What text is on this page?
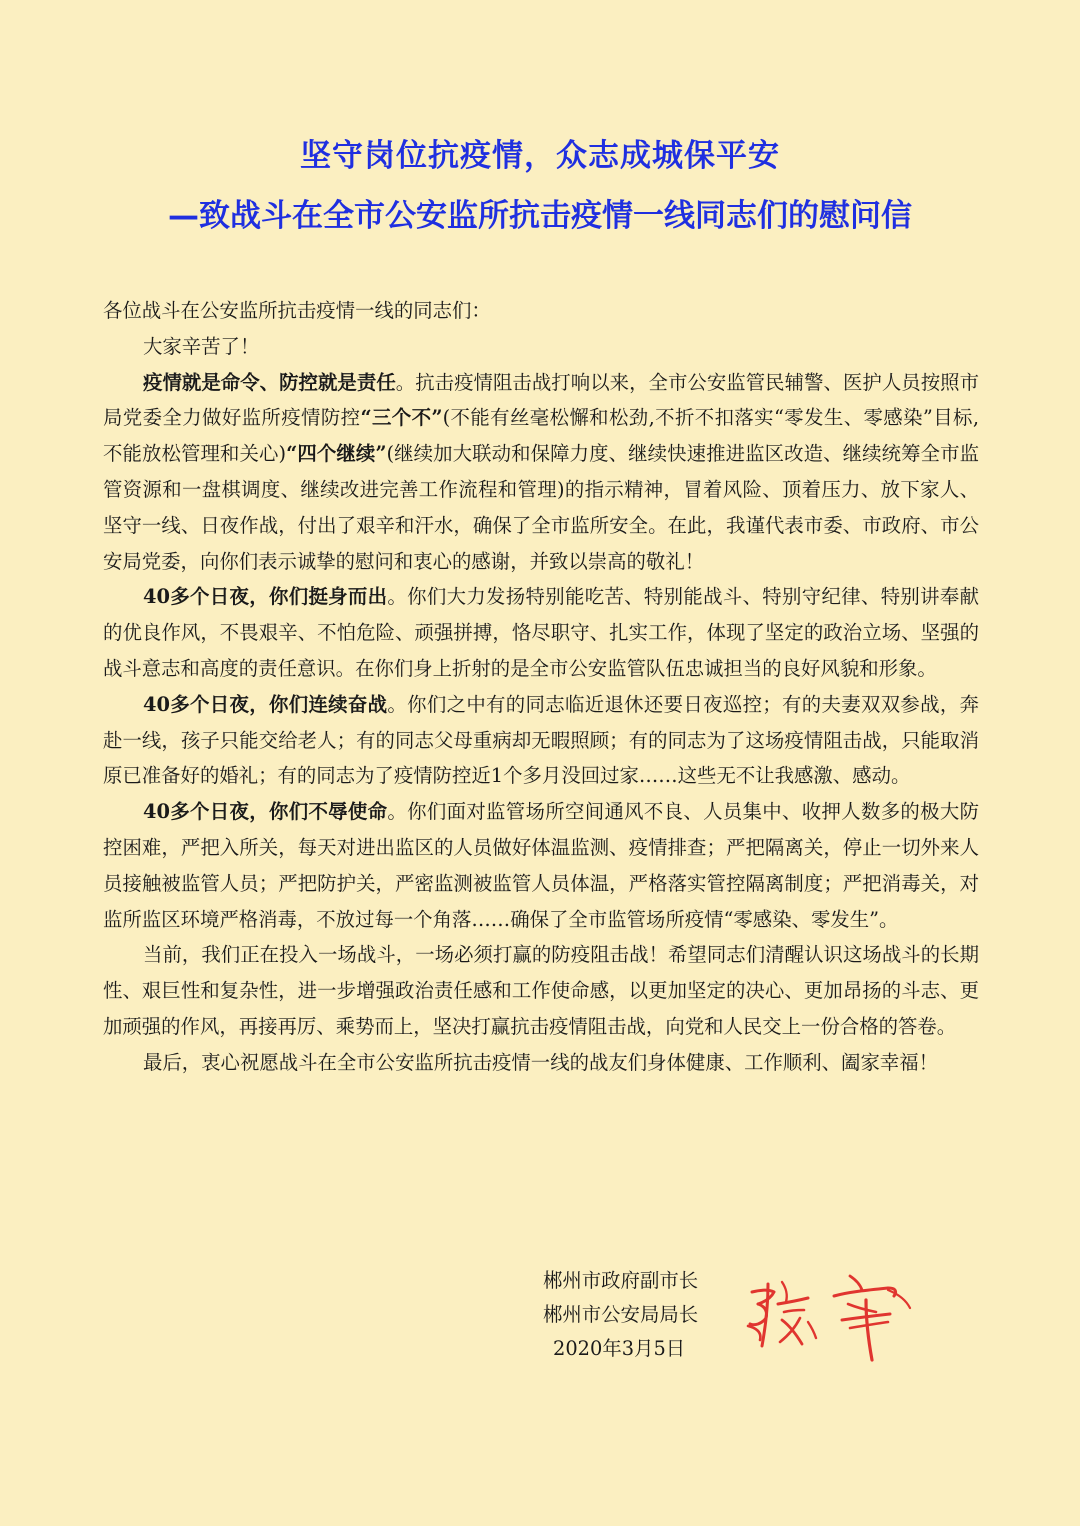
坚守岗位抗疫情，众志成城保平安
—致战斗在全市公安监所抗击疫情一线同志们的慰问信

各位战斗在公安监所抗击疫情一线的同志们：

大家辛苦了！

疫情就是命令、防控就是责任。抗击疫情阻击战打响以来，全市公安监管民辅警、医护人员按照市局党委全力做好监所疫情防控“三个不”(不能有丝毫松懈和松劲,不折不扣落实“零发生、零感染”目标,不能放松管理和关心)“四个继续”(继续加大联动和保障力度、继续快速推进监区改造、继续统筹全市监管资源和一盘棋调度、继续改进完善工作流程和管理)的指示精神，冒着风险、顶着压力、放下家人、坚守一线、日夜作战，付出了艰辛和汗水，确保了全市监所安全。在此，我谨代表市委、市政府、市公安局党委，向你们表示诚挚的慰问和衷心的感谢，并致以崇高的敬礼！

40多个日夜，你们挺身而出。你们大力发扬特别能吃苦、特别能战斗、特别守纪律、特别讲奉献的优良作风，不畏艰辛、不怕危险、顽强拼搏，恪尽职守、扎实工作，体现了坚定的政治立场、坚强的战斗意志和高度的责任意识。在你们身上折射的是全市公安监管队伍忠诚担当的良好风貌和形象。

40多个日夜，你们连续奋战。你们之中有的同志临近退休还要日夜巡控；有的夫妻双双参战，奔赴一线，孩子只能交给老人；有的同志父母重病却无暇照顾；有的同志为了这场疫情阻击战，只能取消原已准备好的婚礼；有的同志为了疫情防控近1个多月没回过家……这些无不让我感激、感动。

40多个日夜，你们不辱使命。你们面对监管场所空间通风不良、人员集中、收押人数多的极大防控困难，严把入所关，每天对进出监区的人员做好体温监测、疫情排查；严把隔离关，停止一切外来人员接触被监管人员；严把防护关，严密监测被监管人员体温，严格落实管控隔离制度；严把消毒关，对监所监区环境严格消毒，不放过每一个角落……确保了全市监管场所疫情“零感染、零发生”。

当前，我们正在投入一场战斗，一场必须打赢的防疫阻击战！希望同志们清醒认识这场战斗的长期性、艰巨性和复杂性，进一步增强政治责任感和工作使命感，以更加坚定的决心、更加昂扬的斗志、更加顽强的作风，再接再厉、乘势而上，坚决打赢抗击疫情阻击战，向党和人民交上一份合格的答卷。

最后，衷心祝愿战斗在全市公安监所抗击疫情一线的战友们身体健康、工作顺利、阖家幸福！

郴州市政府副市长
郴州市公安局局长
2020年3月5日
